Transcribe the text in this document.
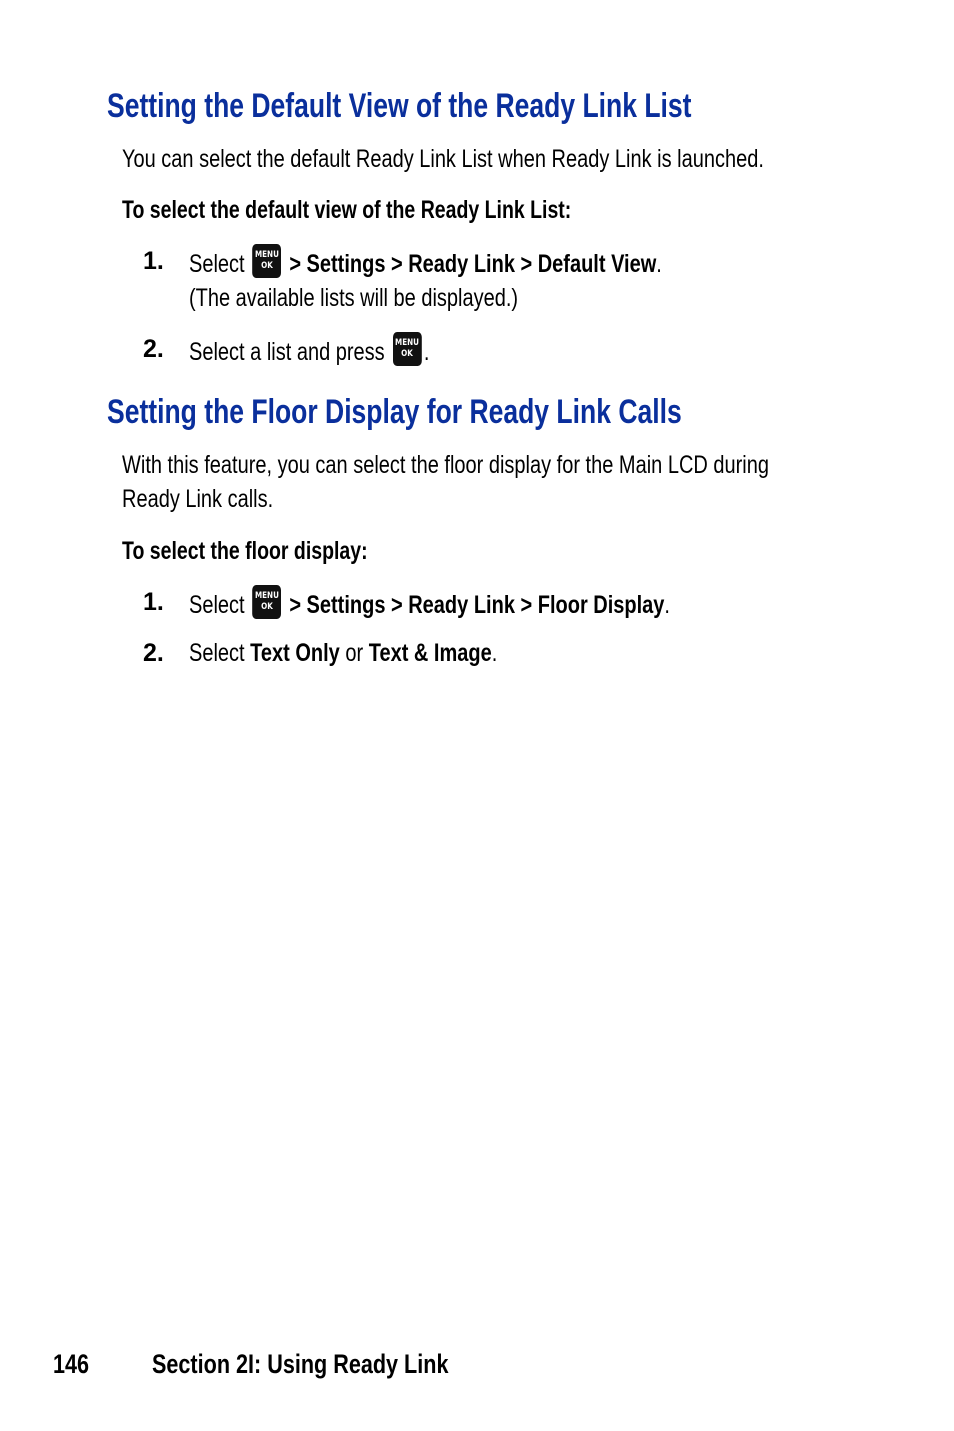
Setting the Default View of the Ready Link List

You can select the default Ready Link List when Ready Link is launched.

To select the default view of the Ready Link List:

1. Select MENU
OK > Settings > Ready Link > Default View.
(The available lists will be displayed.)
2. Select a list and press MENU
OK .
Setting the Floor Display for Ready Link Calls

With this feature, you can select the floor display for the Main LCD during

Ready Link calls.

To select the floor display:

1. Select MENU
OK > Settings > Ready Link > Floor Display.
2. Select Text Only or Text & Image.
146	Section 2I: Using Ready Link
